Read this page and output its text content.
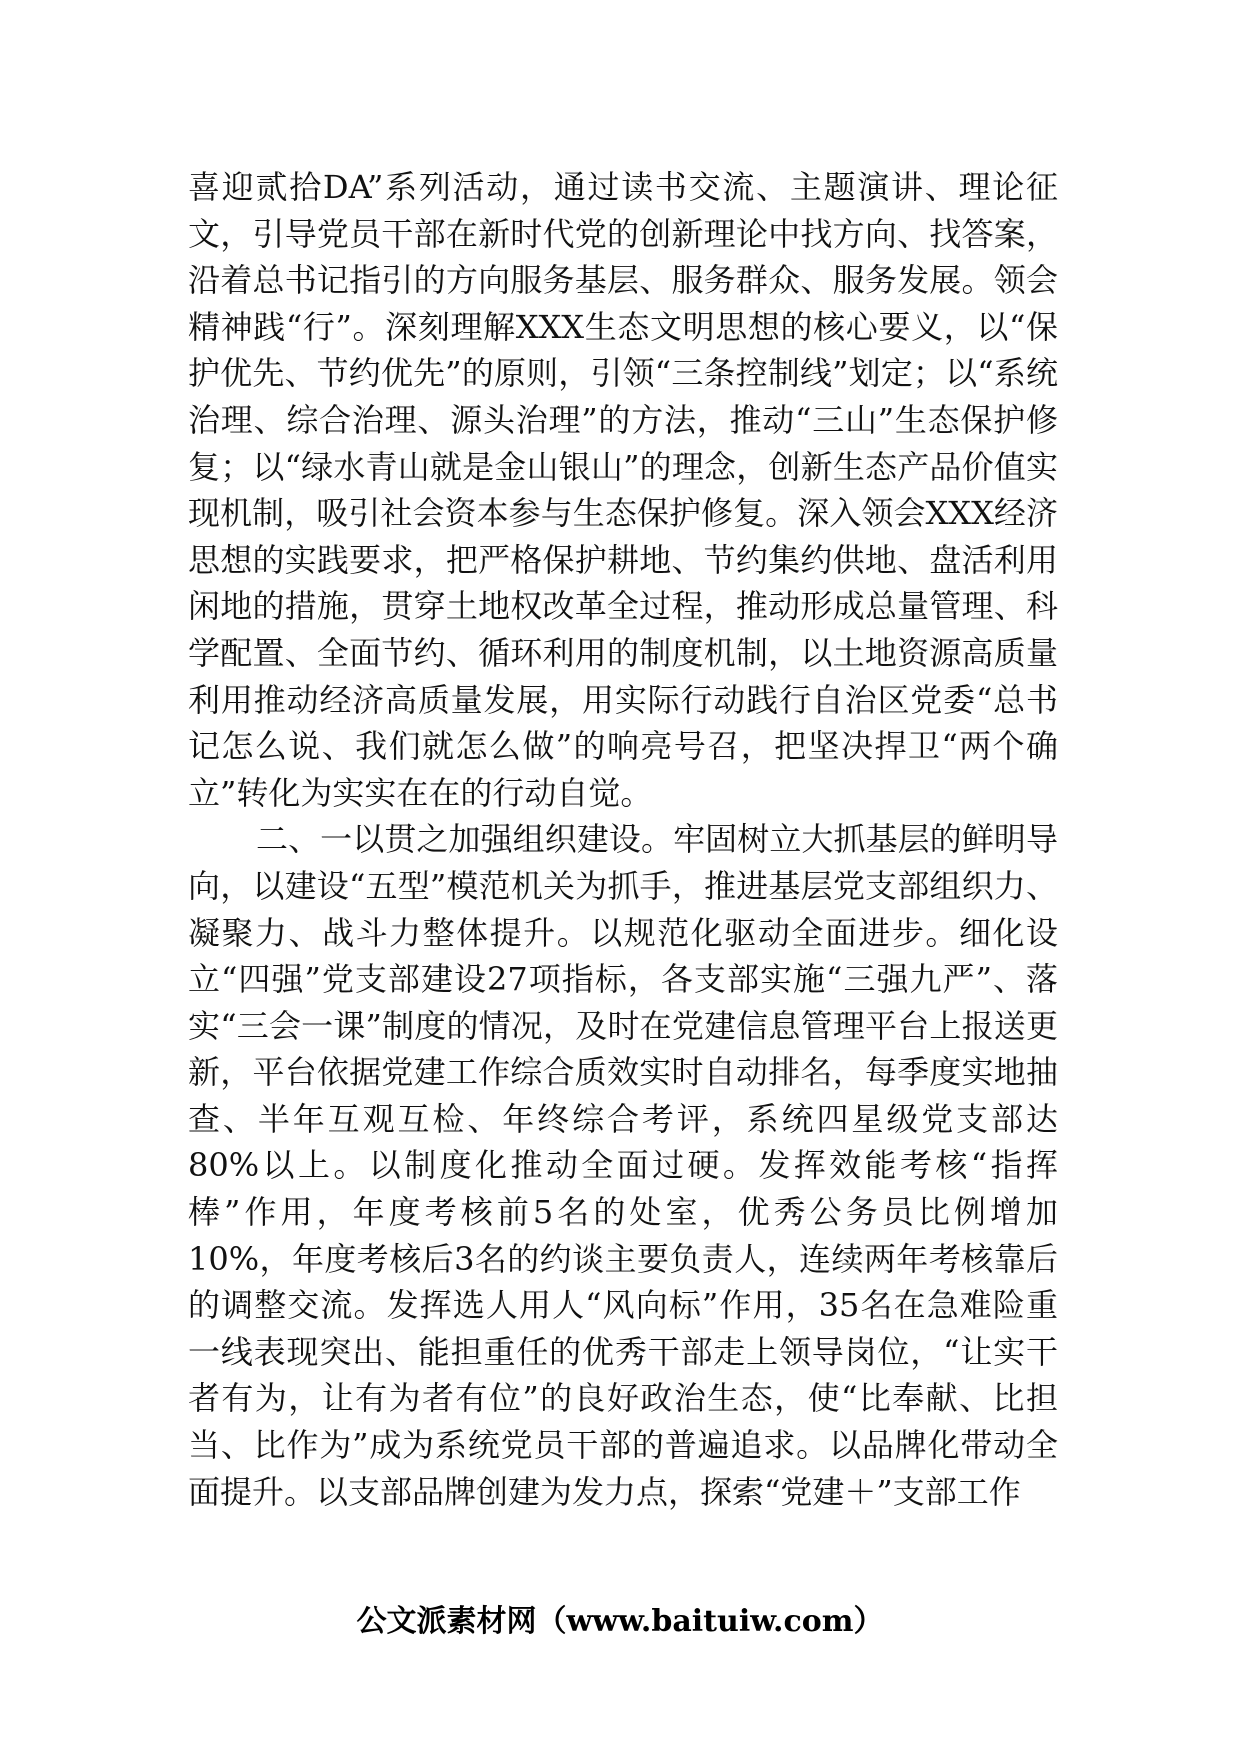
喜迎贰拾DA”系列活动，通过读书交流、主题演讲、理论征文，引导党员干部在新时代党的创新理论中找方向、找答案，沿着总书记指引的方向服务基层、服务群众、服务发展。领会精神践“行”。深刻理解XXX生态文明思想的核心要义，以“保护优先、节约优先”的原则，引领“三条控制线”划定；以“系统治理、综合治理、源头治理”的方法，推动“三山”生态保护修复；以“绿水青山就是金山银山”的理念，创新生态产品价值实现机制，吸引社会资本参与生态保护修复。深入领会XXX经济思想的实践要求，把严格保护耕地、节约集约供地、盘活利用闲地的措施，贯穿土地权改革全过程，推动形成总量管理、科学配置、全面节约、循环利用的制度机制，以土地资源高质量利用推动经济高质量发展，用实际行动践行自治区党委“总书记怎么说、我们就怎么做”的响亮号召，把坚决捍卫“两个确立”转化为实实在在的行动自觉。

二、一以贯之加强组织建设。牢固树立大抓基层的鲜明导向，以建设“五型”模范机关为抓手，推进基层党支部组织力、凝聚力、战斗力整体提升。以规范化驱动全面进步。细化设立“四强”党支部建设27项指标，各支部实施“三强九严”、落实“三会一课”制度的情况，及时在党建信息管理平台上报送更新，平台依据党建工作综合质效实时自动排名，每季度实地抽查、半年互观互检、年终综合考评，系统四星级党支部达80%以上。以制度化推动全面过硬。发挥效能考核“指挥棒”作用，年度考核前5名的处室，优秀公务员比例增加10%，年度考核后3名的约谈主要负责人，连续两年考核靠后的调整交流。发挥选人用人“风向标”作用，35名在急难险重一线表现突出、能担重任的优秀干部走上领导岗位，“让实干者有为，让有为者有位”的良好政治生态，使“比奉献、比担当、比作为”成为系统党员干部的普遍追求。以品牌化带动全面提升。以支部品牌创建为发力点，探索“党建＋”支部工作

公文派素材网（www.baituiw.com）
